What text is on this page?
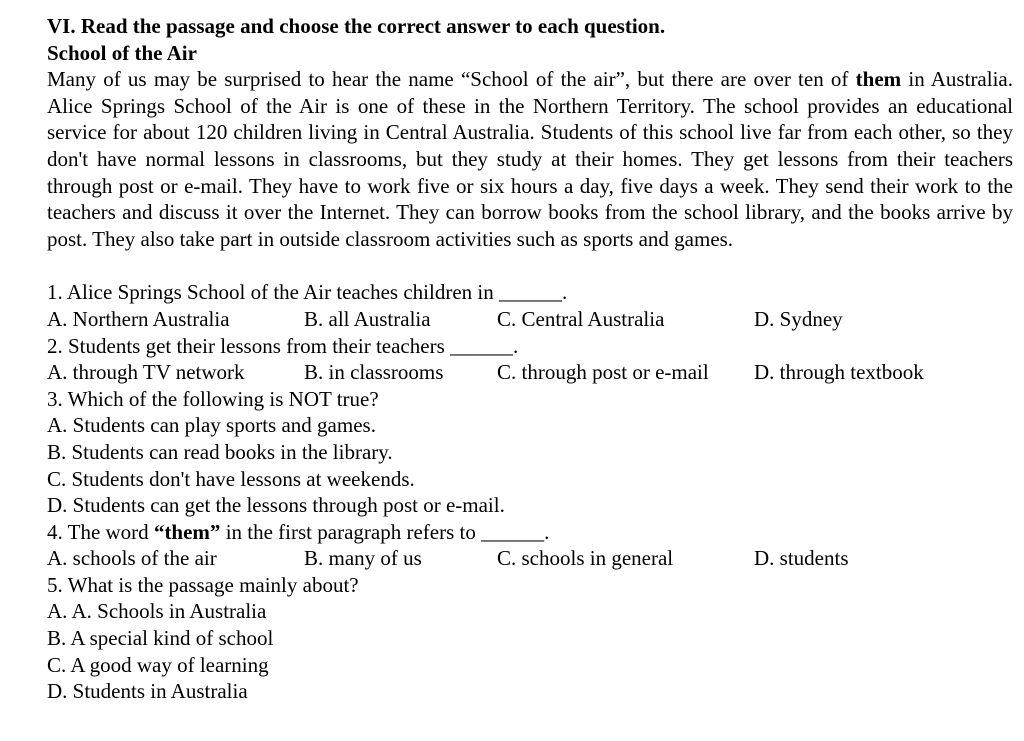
VI. Read the passage and choose the correct answer to each question.
School of the Air
Many of us may be surprised to hear the name “School of the air”, but there are over ten of them in Australia. Alice Springs School of the Air is one of these in the Northern Territory. The school provides an educational service for about 120 children living in Central Australia. Students of this school live far from each other, so they don't have normal lessons in classrooms, but they study at their homes. They get lessons from their teachers through post or e-mail. They have to work five or six hours a day, five days a week. They send their work to the teachers and discuss it over the Internet. They can borrow books from the school library, and the books arrive by post. They also take part in outside classroom activities such as sports and games.
1. Alice Springs School of the Air teaches children in ______.
A. Northern Australia	B. all Australia	C. Central Australia	D. Sydney
2. Students get their lessons from their teachers ______.
A. through TV network	B. in classrooms	C. through post or e-mail D. through textbook
3. Which of the following is NOT true?
A. Students can play sports and games.
B. Students can read books in the library.
C. Students don't have lessons at weekends.
D. Students can get the lessons through post or e-mail.
4. The word “them” in the first paragraph refers to ______.
A. schools of the air	B. many of us	C. schools in general	D. students
5. What is the passage mainly about?
A. A. Schools in Australia
B. A special kind of school
C. A good way of learning
D. Students in Australia
